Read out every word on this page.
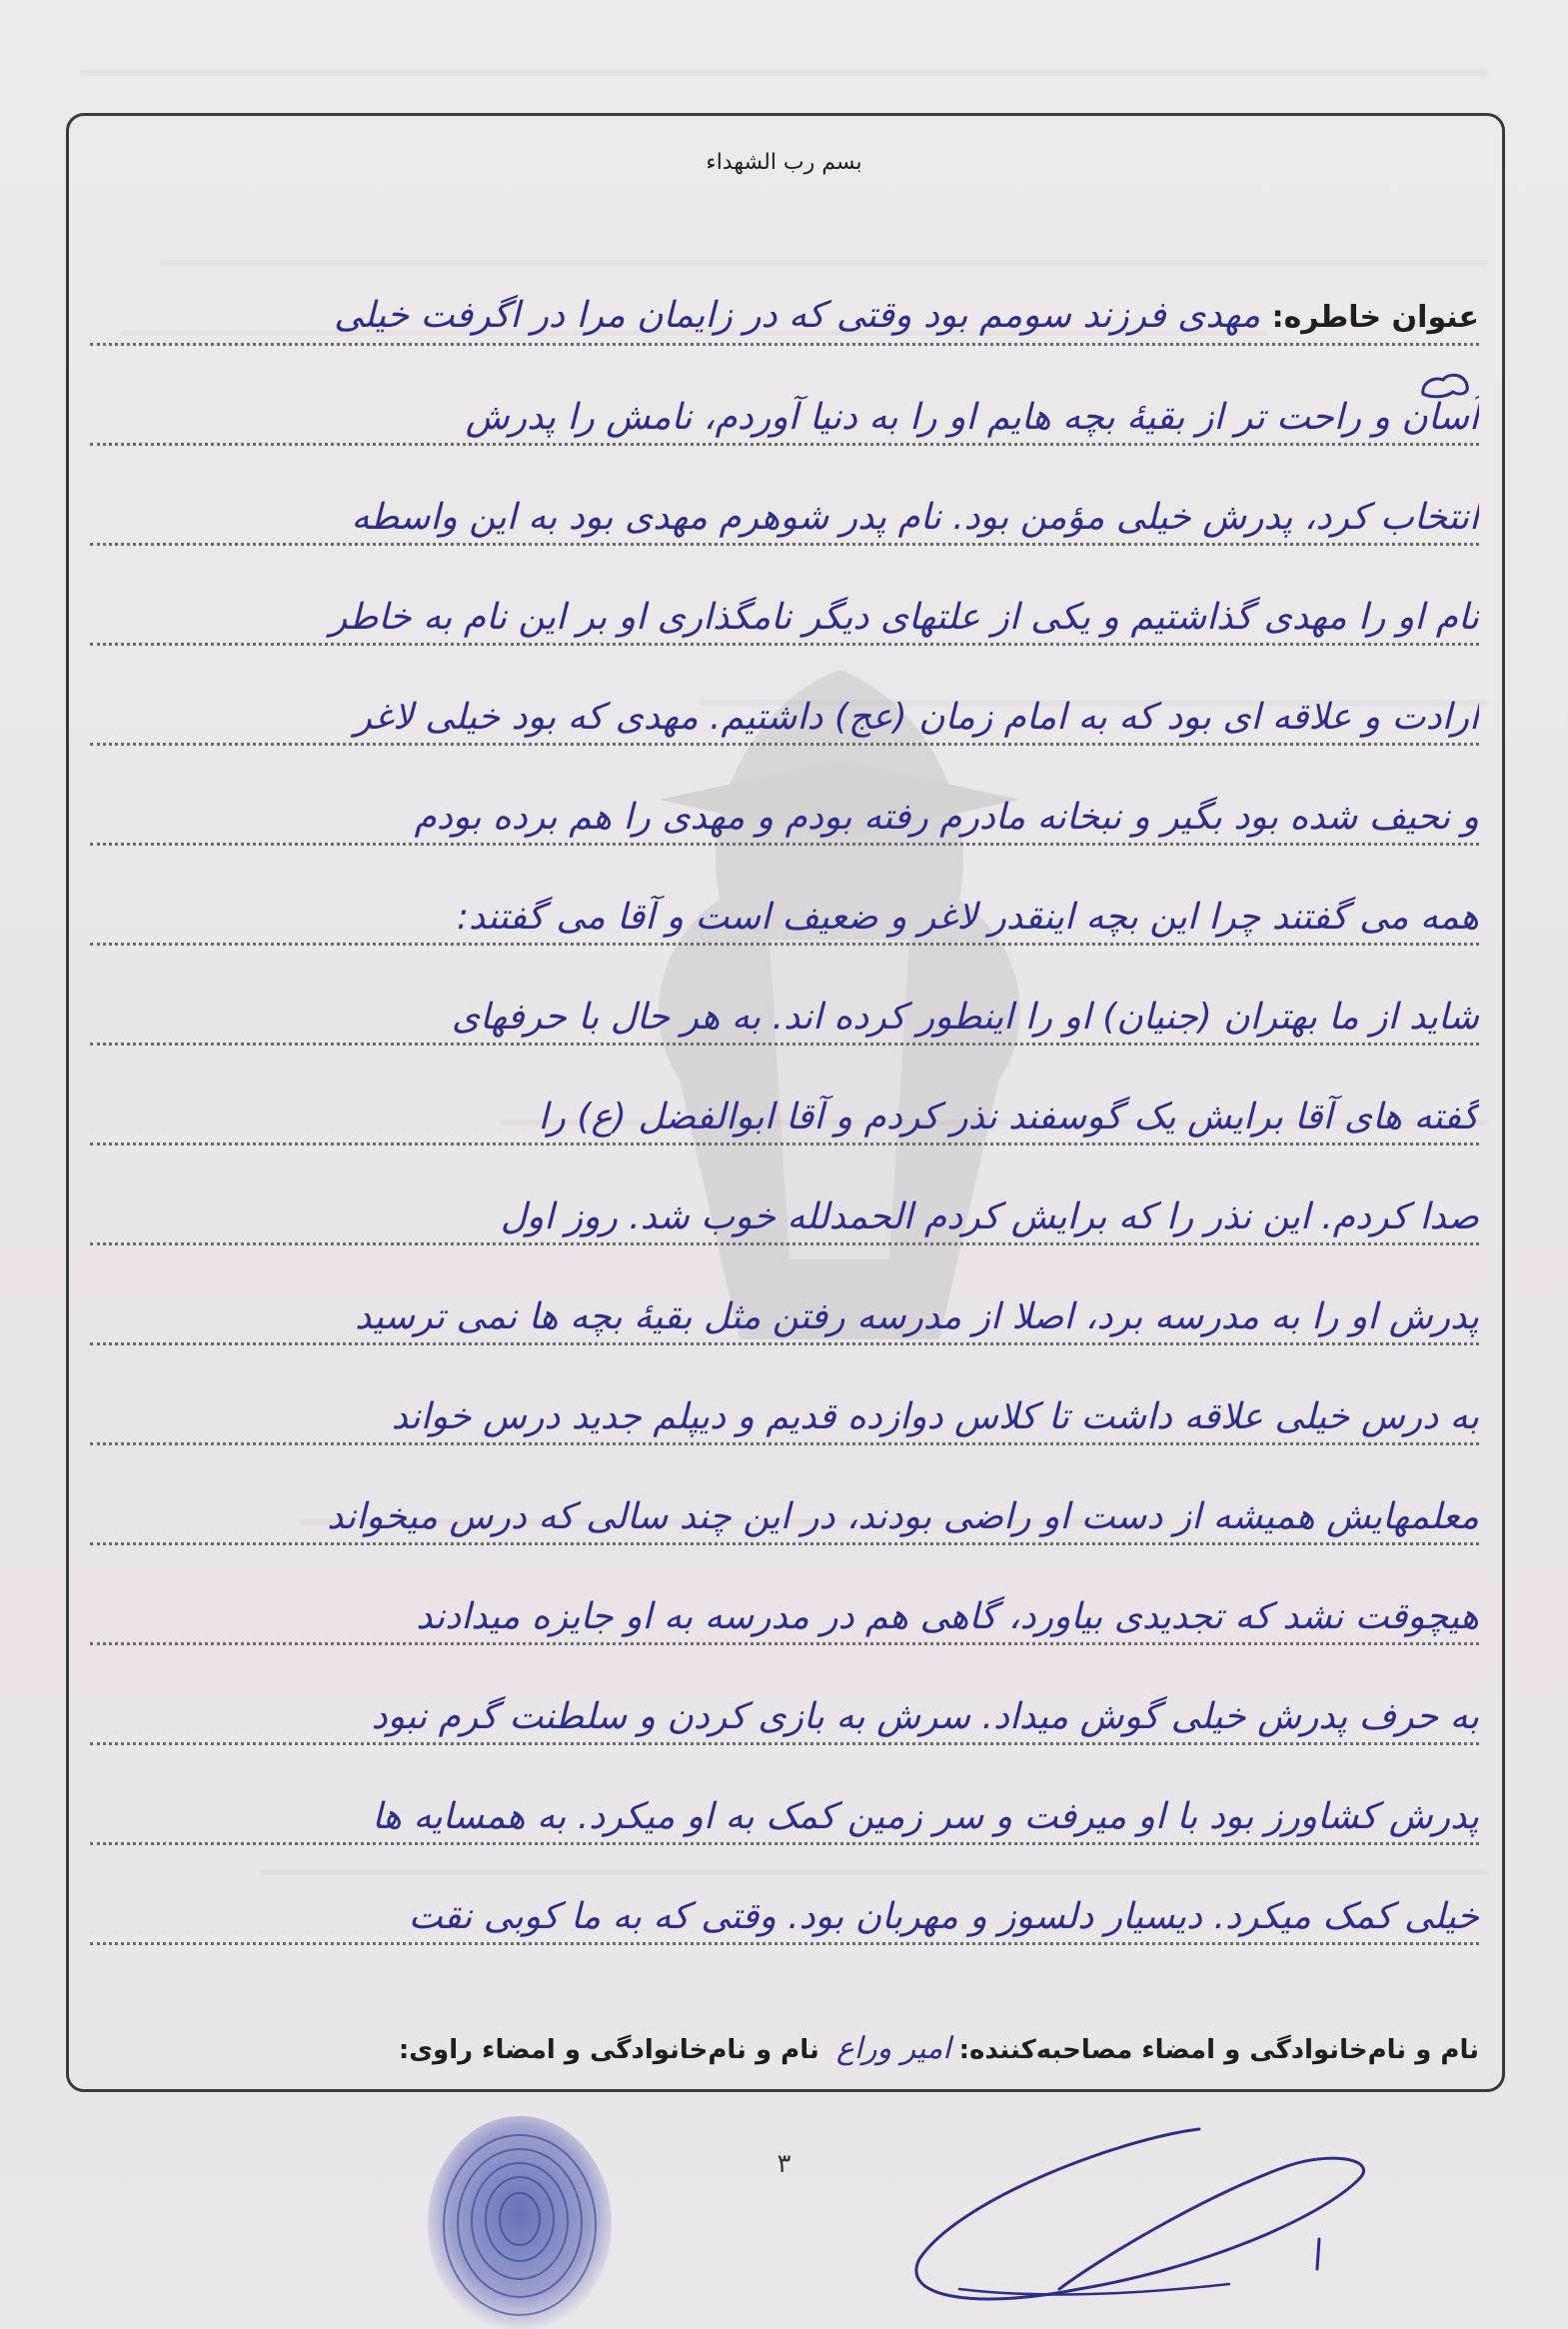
بسم رب الشهداء
عنوان خاطره: مهدی فرزند سومم بود وقتی که در زایمان مرا در اگرفت خیلی
آسان و راحت تر از بقیهٔ بچه هایم او را به دنیا آوردم، نامش را پدرش
انتخاب کرد، پدرش خیلی مؤمن بود. نام پدر شوهرم مهدی بود به این واسطه
نام او را مهدی گذاشتیم و یکی از علتهای دیگر نامگذاری او بر این نام به خاطر
ارادت و علاقه ای بود که به امام زمان (عج) داشتیم. مهدی که بود خیلی لاغر
و نحیف شده بود بگیر و نبخانه مادرم رفته بودم و مهدی را هم برده بودم
همه می گفتند چرا این بچه اینقدر لاغر و ضعیف است و آقا می گفتند:
شاید از ما بهتران (جنیان) او را اینطور کرده اند. به هر حال با حرفهای
گفته های آقا برایش یک گوسفند نذر کردم و آقا ابوالفضل (ع) را
صدا کردم. این نذر را که برایش کردم الحمدلله خوب شد. روز اول
پدرش او را به مدرسه برد، اصلا از مدرسه رفتن مثل بقیهٔ بچه ها نمی ترسید
به درس خیلی علاقه داشت تا کلاس دوازده قدیم و دیپلم جدید درس خواند
معلمهایش همیشه از دست او راضی بودند، در این چند سالی که درس میخواند
هیچوقت نشد که تجدیدی بیاورد، گاهی هم در مدرسه به او جایزه میدادند
به حرف پدرش خیلی گوش میداد. سرش به بازی کردن و سلطنت گرم نبود
پدرش کشاورز بود با او میرفت و سر زمین کمک به او میکرد. به همسایه ها
خیلی کمک میکرد. دیسیار دلسوز و مهربان بود. وقتی که به ما کوبی نقت
نام و نام‌خانوادگی و امضاء مصاحبه‌کننده:امیر وراع نام و نام‌خانوادگی و امضاء راوی:
۳
